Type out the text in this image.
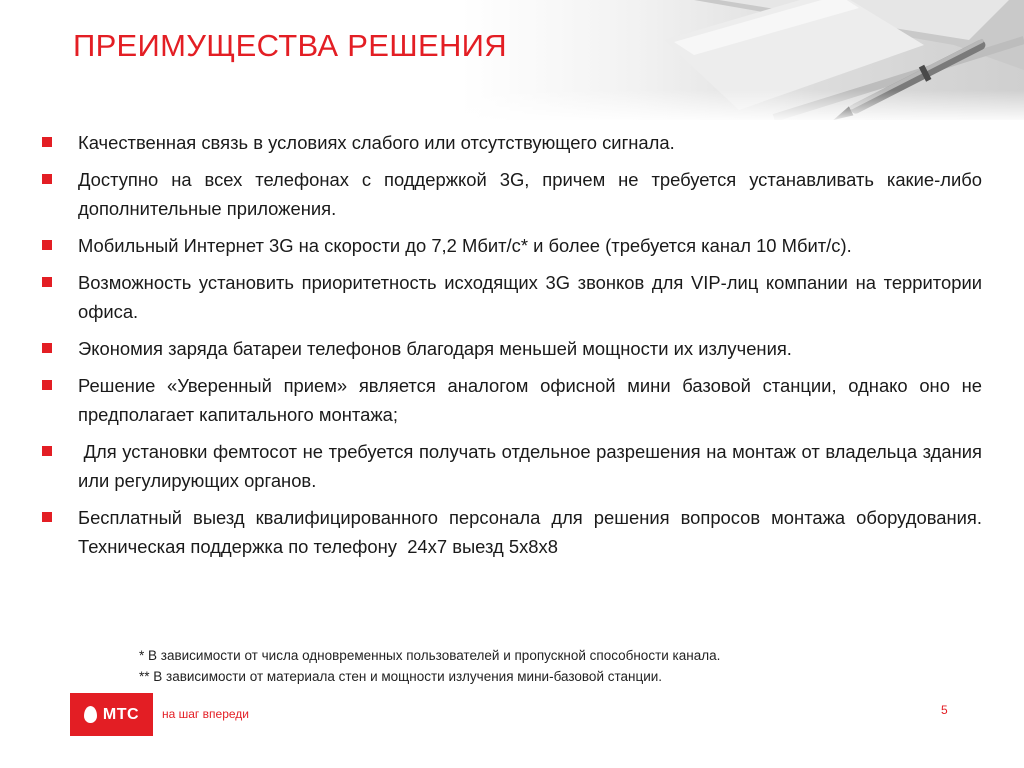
ПРЕИМУЩЕСТВА РЕШЕНИЯ
Качественная связь в условиях слабого или отсутствующего сигнала.
Доступно на всех телефонах с поддержкой 3G, причем не требуется устанавливать какие-либо дополнительные приложения.
Мобильный Интернет 3G на скорости до 7,2 Мбит/с* и более (требуется канал 10 Мбит/с).
Возможность установить приоритетность исходящих 3G звонков для VIP-лиц компании на территории офиса.
Экономия заряда батареи телефонов благодаря меньшей мощности их излучения.
Решение «Уверенный прием» является аналогом офисной мини базовой станции, однако оно не предполагает капитального монтажа;
Для установки фемтосот не требуется получать отдельное разрешения на монтаж от владельца здания или регулирующих органов.
Бесплатный выезд квалифицированного персонала для решения вопросов монтажа оборудования. Техническая поддержка по телефону  24х7 выезд 5х8х8
* В зависимости от числа одновременных пользователей и пропускной способности канала.
** В зависимости от материала стен и мощности излучения мини-базовой станции.
МТС на шаг впереди	5
